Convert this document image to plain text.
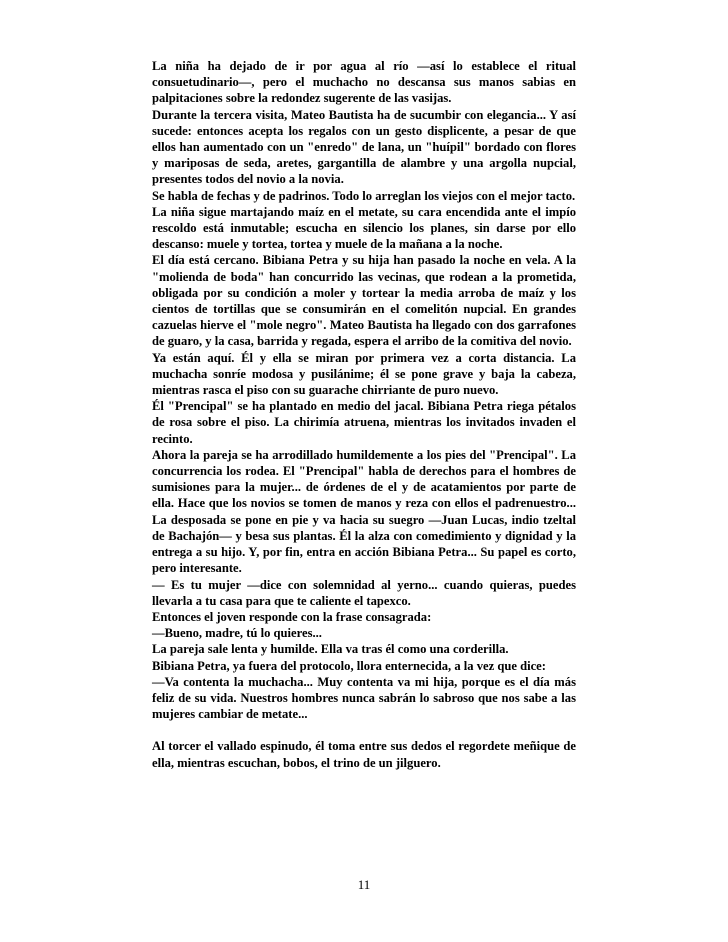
La niña ha dejado de ir por agua al río —así lo establece el ritual consuetudinario—, pero el muchacho no descansa sus manos sabias en palpitaciones sobre la redondez sugerente de las vasijas.

Durante la tercera visita, Mateo Bautista ha de sucumbir con elegancia... Y así sucede: entonces acepta los regalos con un gesto displicente, a pesar de que ellos han aumentado con un "enredo" de lana, un "huípil" bordado con flores y mariposas de seda, aretes, gargantilla de alambre y una argolla nupcial, presentes todos del novio a la novia.

Se habla de fechas y de padrinos. Todo lo arreglan los viejos con el mejor tacto.

La niña sigue martajando maíz en el metate, su cara encendida ante el impío rescoldo está inmutable; escucha en silencio los planes, sin darse por ello descanso: muele y tortea, tortea y muele de la mañana a la noche.

El día está cercano. Bibiana Petra y su hija han pasado la noche en vela. A la "molienda de boda" han concurrido las vecinas, que rodean a la prometida, obligada por su condición a moler y tortear la media arroba de maíz y los cientos de tortillas que se consumirán en el comelitón nupcial. En grandes cazuelas hierve el "mole negro". Mateo Bautista ha llegado con dos garrafones de guaro, y la casa, barrida y regada, espera el arribo de la comitiva del novio.

Ya están aquí. Él y ella se miran por primera vez a corta distancia. La muchacha sonríe modosa y pusilánime; él se pone grave y baja la cabeza, mientras rasca el piso con su guarache chirriante de puro nuevo.

Él "Prencipal" se ha plantado en medio del jacal. Bibiana Petra riega pétalos de rosa sobre el piso. La chirimía atruena, mientras los invitados invaden el recinto.

Ahora la pareja se ha arrodillado humildemente a los pies del "Prencipal". La concurrencia los rodea. El "Prencipal" habla de derechos para el hombres de sumisiones para la mujer... de órdenes de el y de acatamientos por parte de ella. Hace que los novios se tomen de manos y reza con ellos el padrenuestro... La desposada se pone en pie y va hacia su suegro —Juan Lucas, indio tzeltal de Bachajón— y besa sus plantas. Él la alza con comedimiento y dignidad y la entrega a su hijo. Y, por fin, entra en acción Bibiana Petra... Su papel es corto, pero interesante.

— Es tu mujer —dice con solemnidad al yerno... cuando quieras, puedes llevarla a tu casa para que te caliente el tapexco.

Entonces el joven responde con la frase consagrada:

—Bueno, madre, tú lo quieres...

La pareja sale lenta y humilde. Ella va tras él como una corderilla.

Bibiana Petra, ya fuera del protocolo, llora enternecida, a la vez que dice:

—Va contenta la muchacha... Muy contenta va mi hija, porque es el día más feliz de su vida. Nuestros hombres nunca sabrán lo sabroso que nos sabe a las mujeres cambiar de metate...

Al torcer el vallado espinudo, él toma entre sus dedos el regordete meñique de ella, mientras escuchan, bobos, el trino de un jilguero.

11
